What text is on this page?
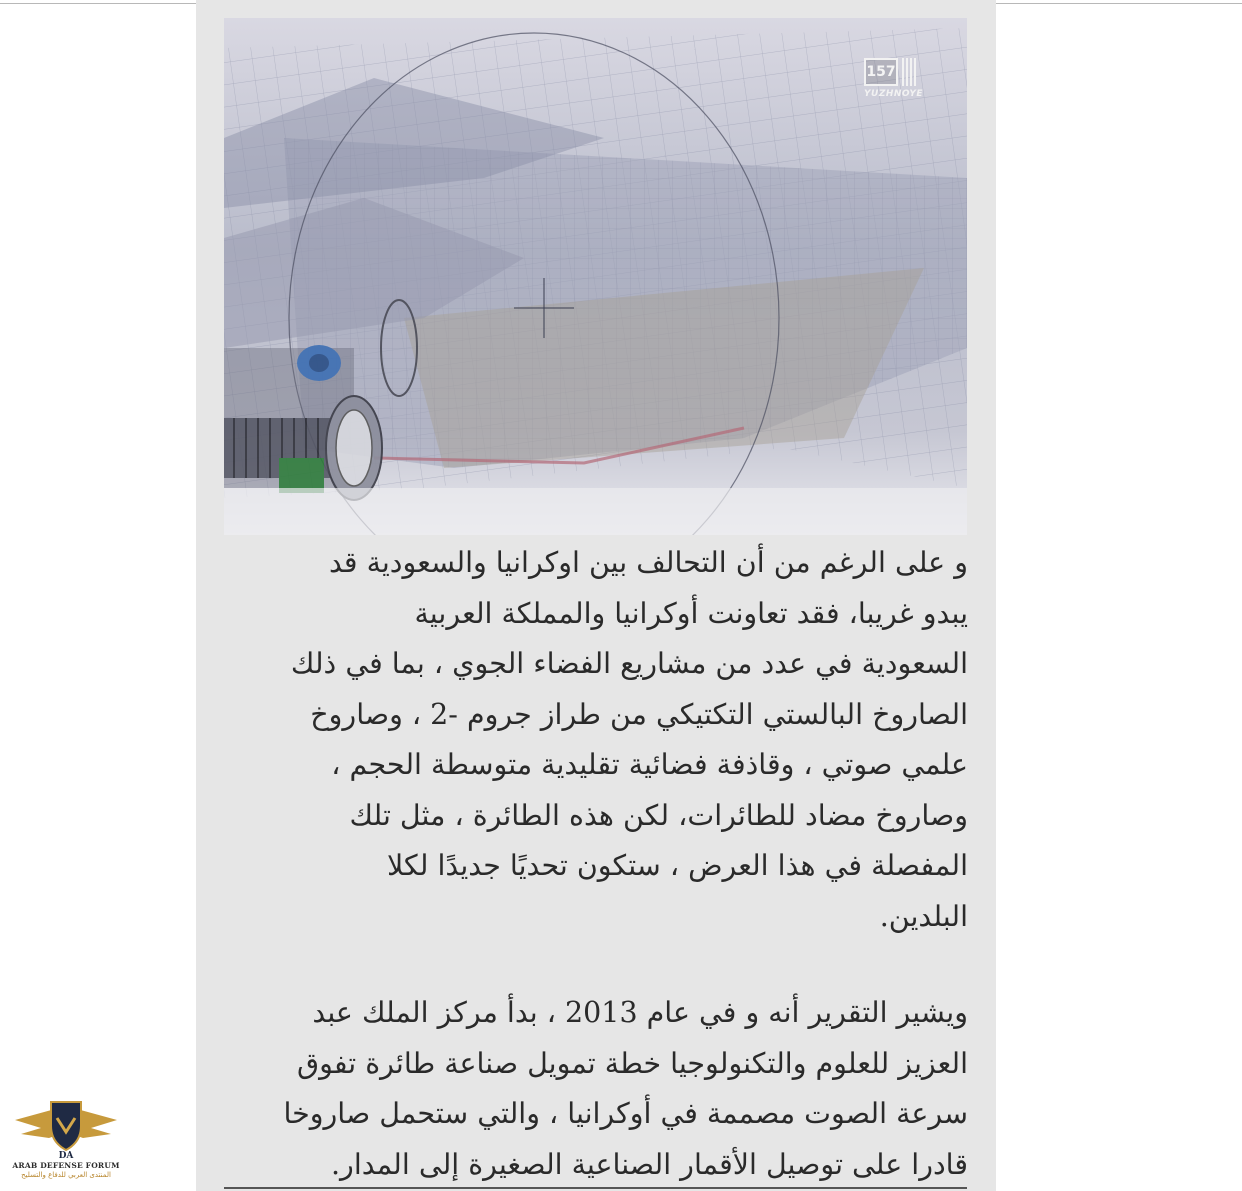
157
YUZHNOYE
و على الرغم من أن التحالف بين اوكرانيا والسعودية قد
يبدو غريبا، فقد تعاونت أوكرانيا والمملكة العربية
السعودية في عدد من مشاريع الفضاء الجوي ، بما في ذلك
الصاروخ البالستي التكتيكي من طراز جروم -2 ، وصاروخ
علمي صوتي ، وقاذفة فضائية تقليدية متوسطة الحجم ،
وصاروخ مضاد للطائرات، لكن هذه الطائرة ، مثل تلك
المفصلة في هذا العرض ، ستكون تحديًا جديدًا لكلا
البلدين.
ويشير التقرير أنه و في عام 2013 ، بدأ مركز الملك عبد
العزيز للعلوم والتكنولوجيا خطة تمويل صناعة طائرة تفوق
سرعة الصوت مصممة في أوكرانيا ، والتي ستحمل صاروخا
قادرا على توصيل الأقمار الصناعية الصغيرة إلى المدار.
DA
ARAB DEFENSE FORUM
المنتدى العربي للدفاع والتسليح
